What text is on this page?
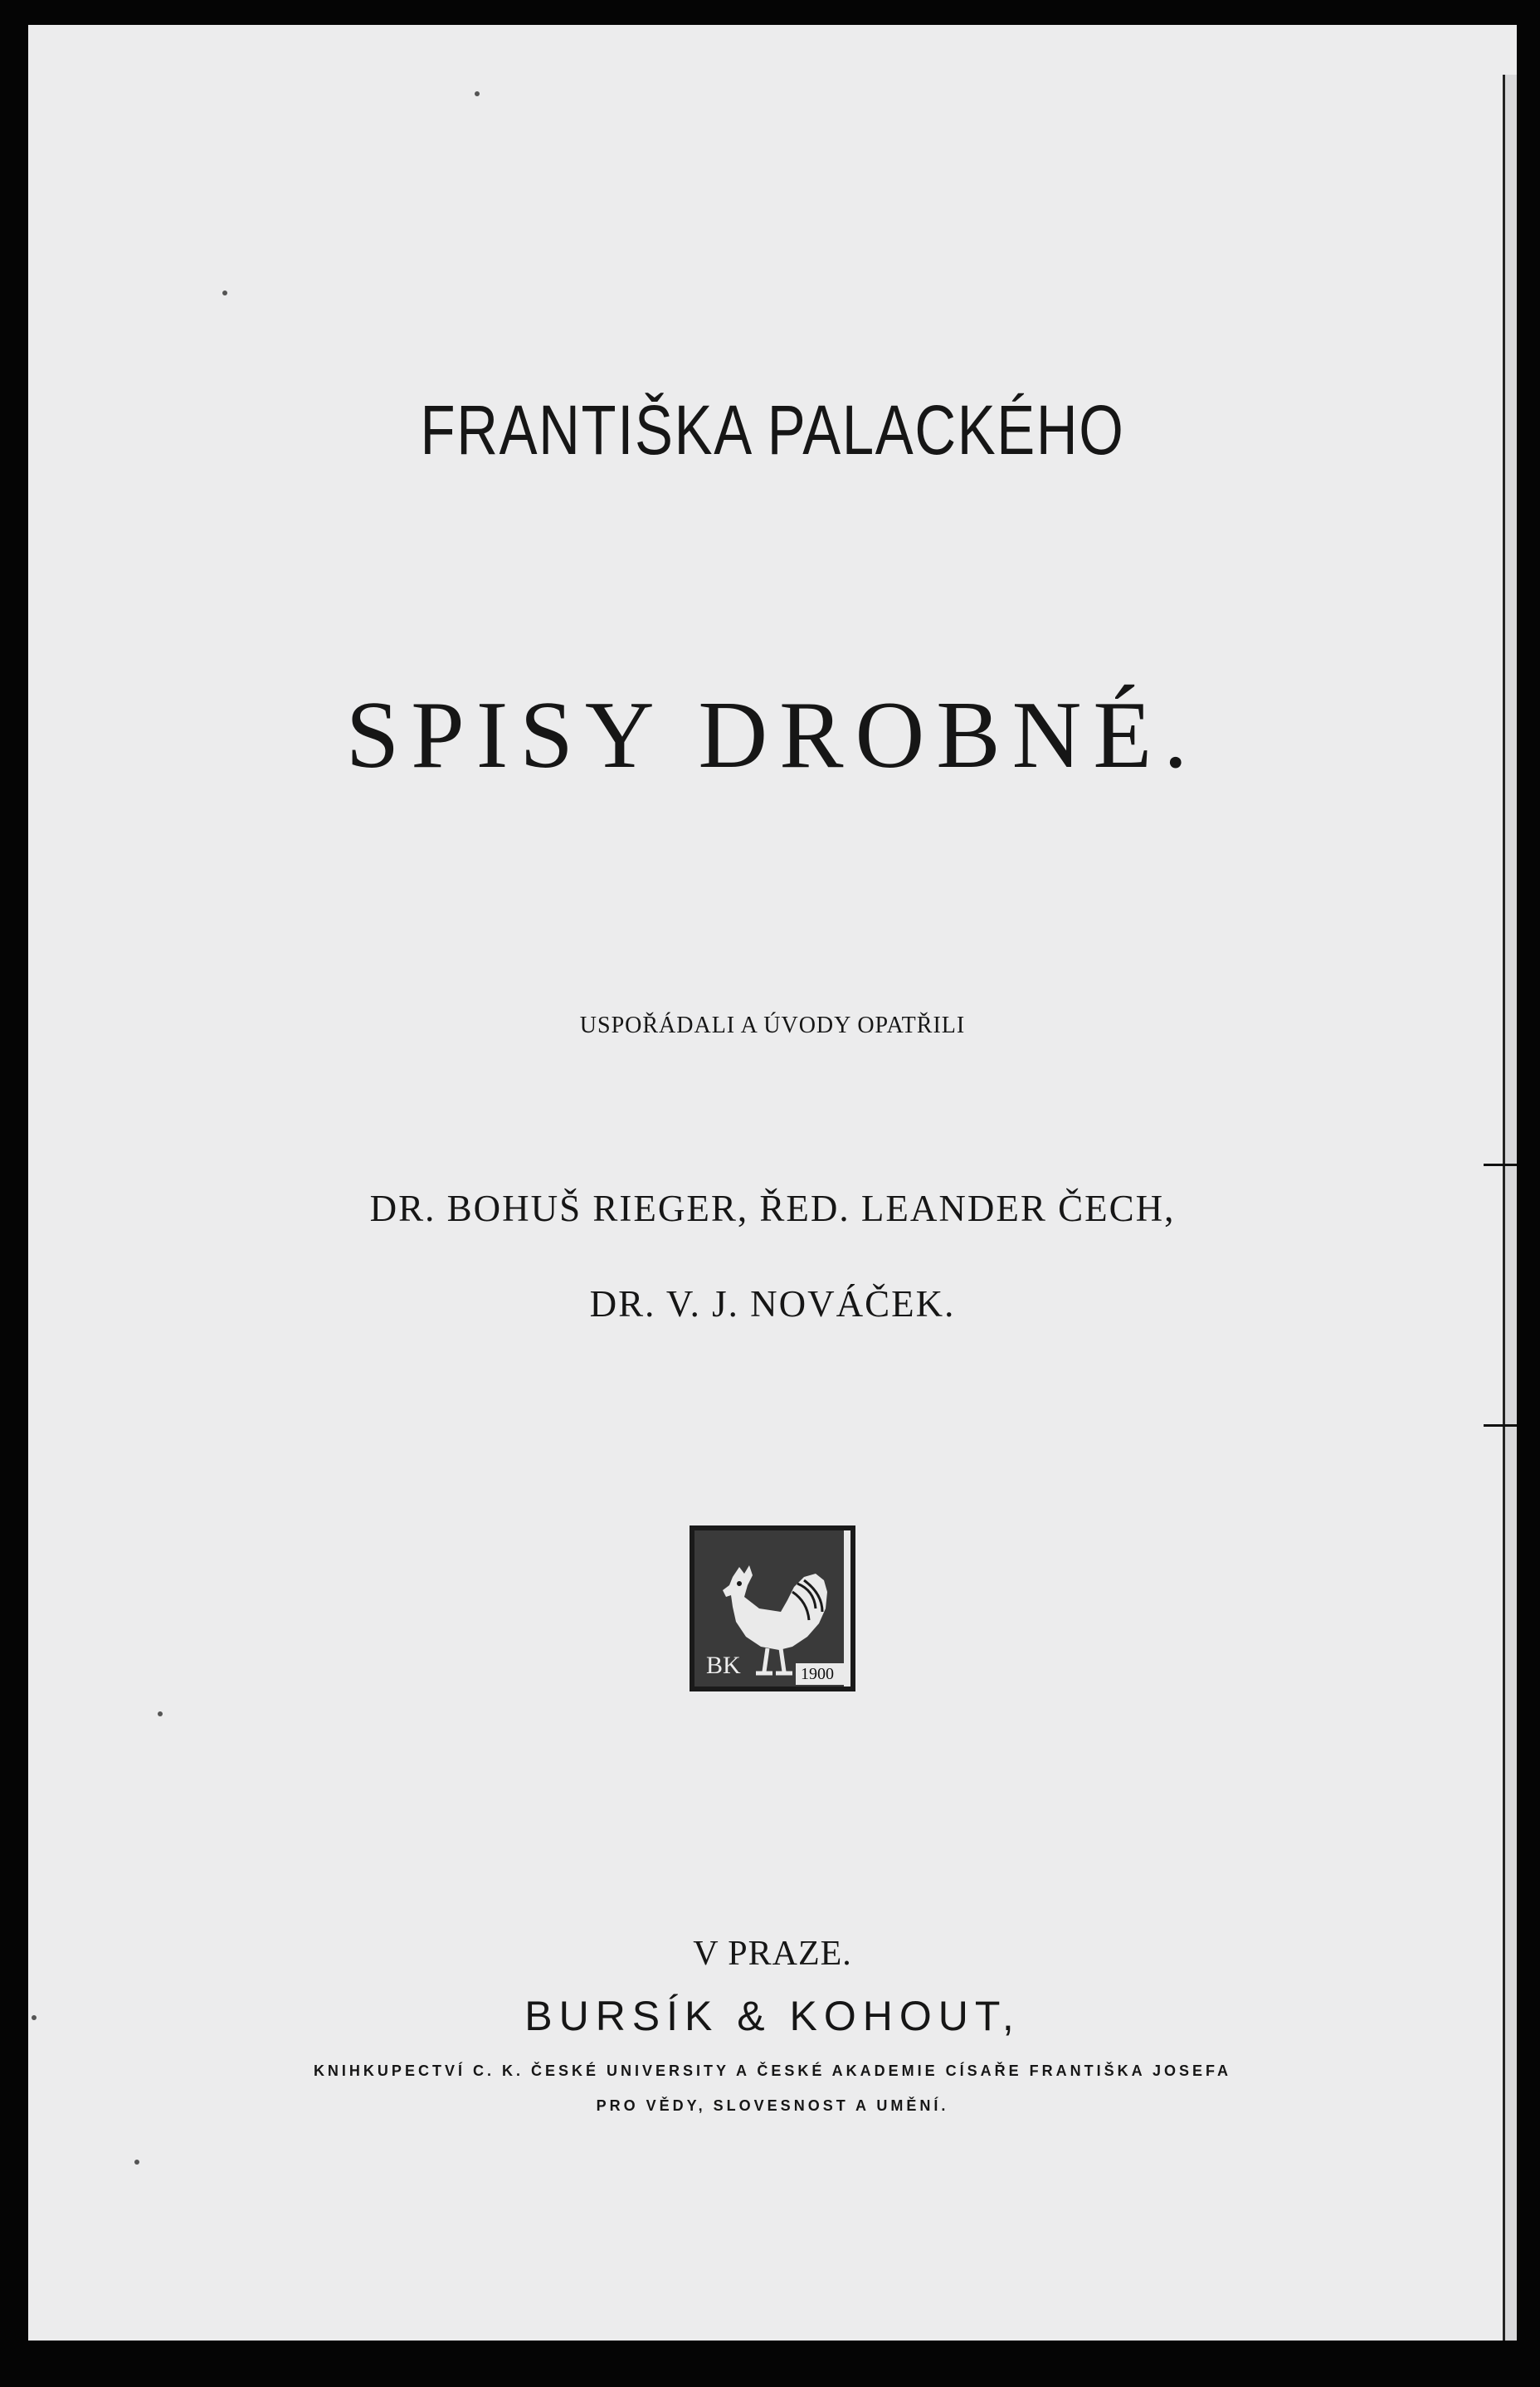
FRANTIŠKA PALACKÉHO
SPISY DROBNÉ.
USPOŘÁDALI A ÚVODY OPATŘILI
DR. BOHUŠ RIEGER, ŘED. LEANDER ČECH,
DR. V. J. NOVÁČEK.
BK	1900
V PRAZE.
BURSÍK & KOHOUT,
KNIHKUPECTVÍ C. K. ČESKÉ UNIVERSITY A ČESKÉ AKADEMIE CÍSAŘE FRANTIŠKA JOSEFA
PRO VĚDY, SLOVESNOST A UMĚNÍ.
